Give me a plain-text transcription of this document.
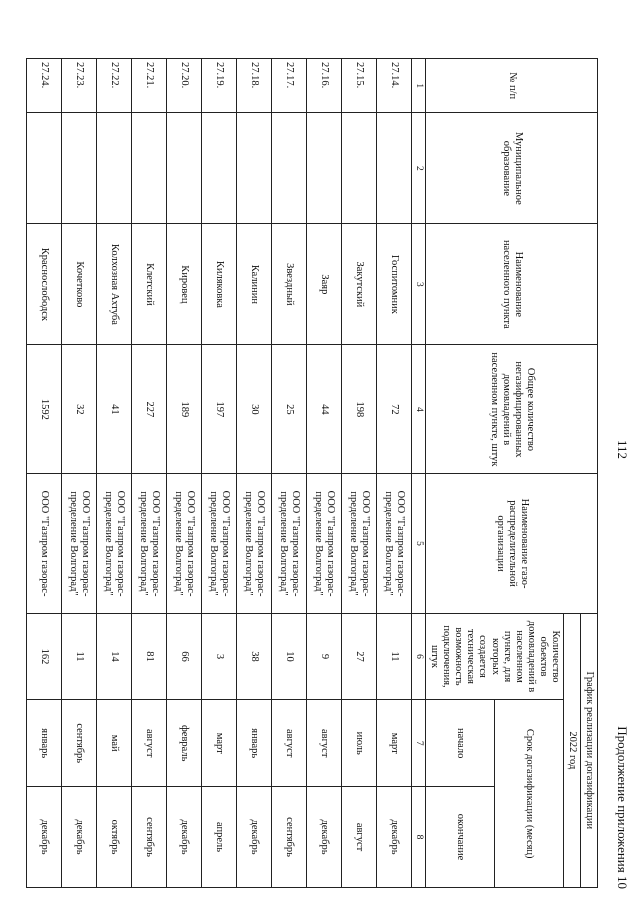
112
Продолжение приложения 10
№ п/п	Муниципальное образование	Наименование населенного пункта	Общее количество негазифицированных домовладений в населенном пункте, штук	Наименование газо-распределительной организации	График реализации догазификации		
					2022 год		
					Количество объектов домовладений в населенном пункте, для которых создается техническая возможность подключения, штук	Срок догазификации (месяц)	
						начало	окончание
1	2	3	4	5	6	7	8
27.14.		Госпитомник	72	ООО "Газпром газорас-пределение Волгоград"	11	март	декабрь
27.15.		Закутский	198	ООО "Газпром газорас-пределение Волгоград"	27	июль	август
27.16.		Заяр	44	ООО "Газпром газорас-пределение Волгоград"	9	август	декабрь
27.17.		Звездный	25	ООО "Газпром газорас-пределение Волгоград"	10	август	сентябрь
27.18.		Калинин	30	ООО "Газпром газорас-пределение Волгоград"	38	январь	декабрь
27.19.		Киляковка	197	ООО "Газпром газорас-пределение Волгоград"	3	март	апрель
27.20.		Кировец	189	ООО "Газпром газорас-пределение Волгоград"	66	февраль	декабрь
27.21.		Клетский	227	ООО "Газпром газорас-пределение Волгоград"	81	август	сентябрь
27.22.		Колхозная Ахтуба	41	ООО "Газпром газорас-пределение Волгоград"	14	май	октябрь
27.23.		Кочетково	32	ООО "Газпром газорас-пределение Волгоград"	11	сентябрь	декабрь
27.24.		Краснослободск	1592	ООО "Газпром газорас-	162	январь	декабрь
